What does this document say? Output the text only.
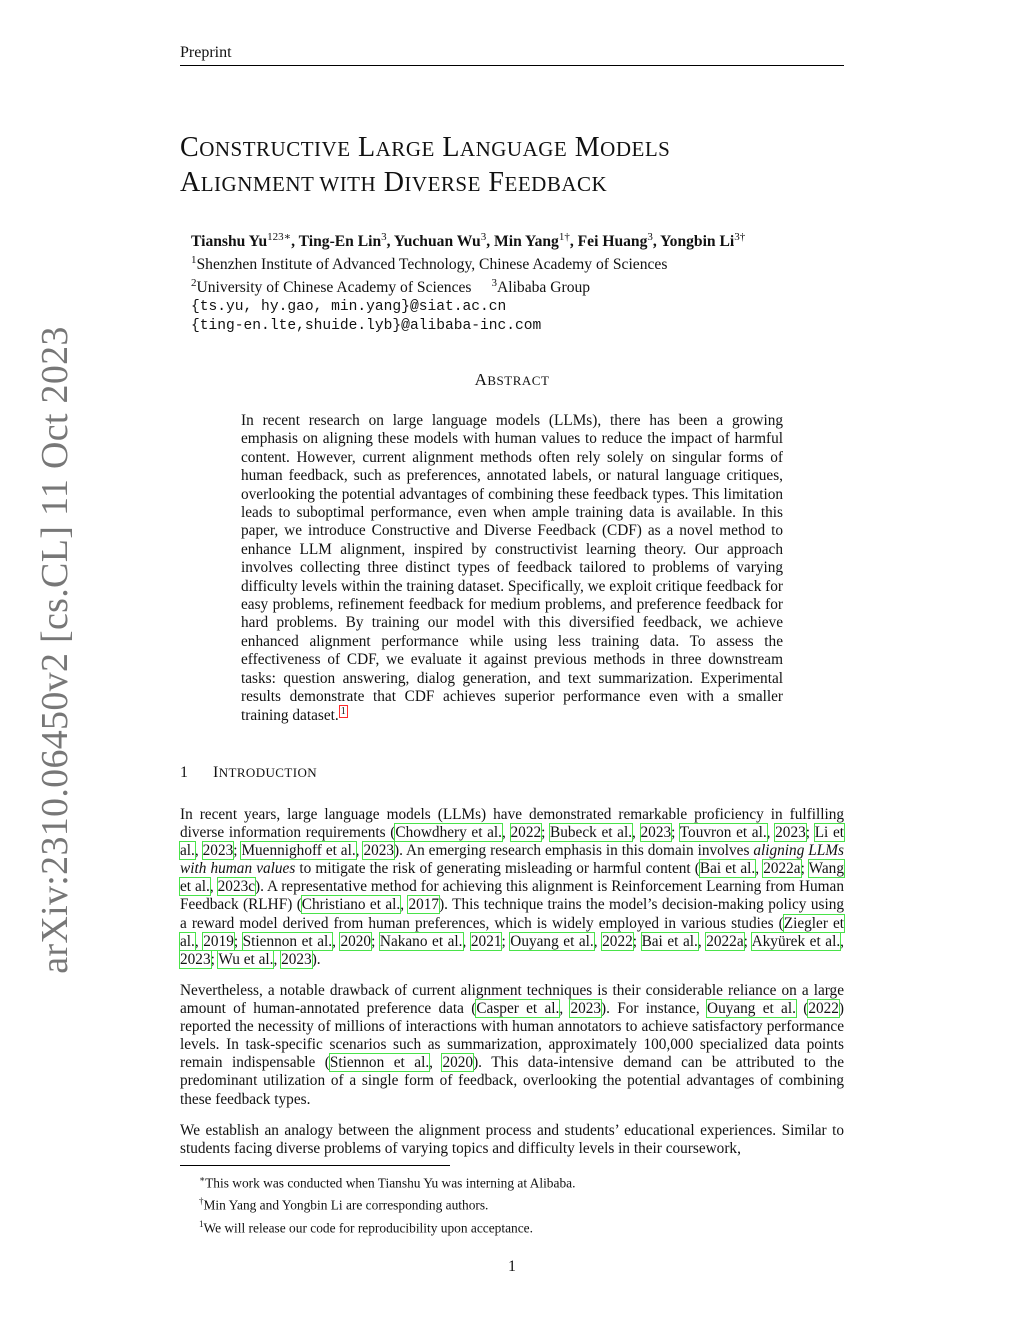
Preprint
arXiv:2310.06450v2 [cs.CL] 11 Oct 2023
CONSTRUCTIVE LARGE LANGUAGE MODELS
ALIGNMENT WITH DIVERSE FEEDBACK
Tianshu $Yu^{123∗}$, Ting-En Lin$^3$, Yuchuan Wu$^3$, Min Yang$^{1\dagger}$, Fei Huang$^3$, Yongbin $Li^{3\dagger}$
$^1$Shenzhen Institute of Advanced Technology, Chinese Academy of Sciences
$^2$University of Chinese Academy of Sciences $^3$Alibaba Group
{ts.yu, hy.gao, min.yang}@siat.ac.cn
{ting-en.lte,shuide.lyb}@alibaba-inc.com
ABSTRACT
In recent research on large language models (LLMs), there has been a growing emphasis on aligning these models with human values to reduce the impact of harmful content. However, current alignment methods often rely solely on singular forms of human feedback, such as preferences, annotated labels, or natural language critiques, overlooking the potential advantages of combining these feedback types. This limitation leads to suboptimal performance, even when ample training data is available. In this paper, we introduce Constructive and Diverse Feedback (CDF) as a novel method to enhance LLM alignment, inspired by constructivist learning theory. Our approach involves collecting three distinct types of feedback tailored to problems of varying difficulty levels within the training dataset. Specifically, we exploit critique feedback for easy problems, refinement feedback for medium problems, and preference feedback for hard problems. By training our model with this diversified feedback, we achieve enhanced alignment performance while using less training data. To assess the effectiveness of CDF, we evaluate it against previous methods in three downstream tasks: question answering, dialog generation, and text summarization. Experimental results demonstrate that CDF achieves superior performance even with a smaller training dataset. $^1$
1 INTRODUCTION
In recent years, large language models (LLMs) have demonstrated remarkable proficiency in fulfilling diverse information requirements (Chowdhery et al., 2022; Bubeck et al., 2023; Touvron et al., 2023; Li et al., 2023; Muennighoff et al., 2023). An emerging research emphasis in this domain involves aligning LLMs with human values to mitigate the risk of generating misleading or harmful content (Bai et al., 2022a; Wang et al., 2023c). A representative method for achieving this alignment is Reinforcement Learning from Human Feedback (RLHF) (Christiano et al., 2017). This technique trains the model’s decision-making policy using a reward model derived from human preferences, which is widely employed in various studies (Ziegler et al., 2019; Stiennon et al., 2020; Nakano et al., 2021; Ouyang et al., 2022; Bai et al., 2022a; Akyürek et al., 2023; Wu et al., 2023).
Nevertheless, a notable drawback of current alignment techniques is their considerable reliance on a large amount of human-annotated preference data (Casper et al., 2023). For instance, Ouyang et al. (2022) reported the necessity of millions of interactions with human annotators to achieve satisfactory performance levels. In task-specific scenarios such as summarization, approximately 100,000 specialized data points remain indispensable (Stiennon et al., 2020). This data-intensive demand can be attributed to the predominant utilization of a single form of feedback, overlooking the potential advantages of combining these feedback types.
We establish an analogy between the alignment process and students’ educational experiences. Similar to students facing diverse problems of varying topics and difficulty levels in their coursework,
∗This work was conducted when Tianshu Yu was interning at Alibaba.
†Min Yang and Yongbin Li are corresponding authors.
$^1$We will release our code for reproducibility upon acceptance.
1
